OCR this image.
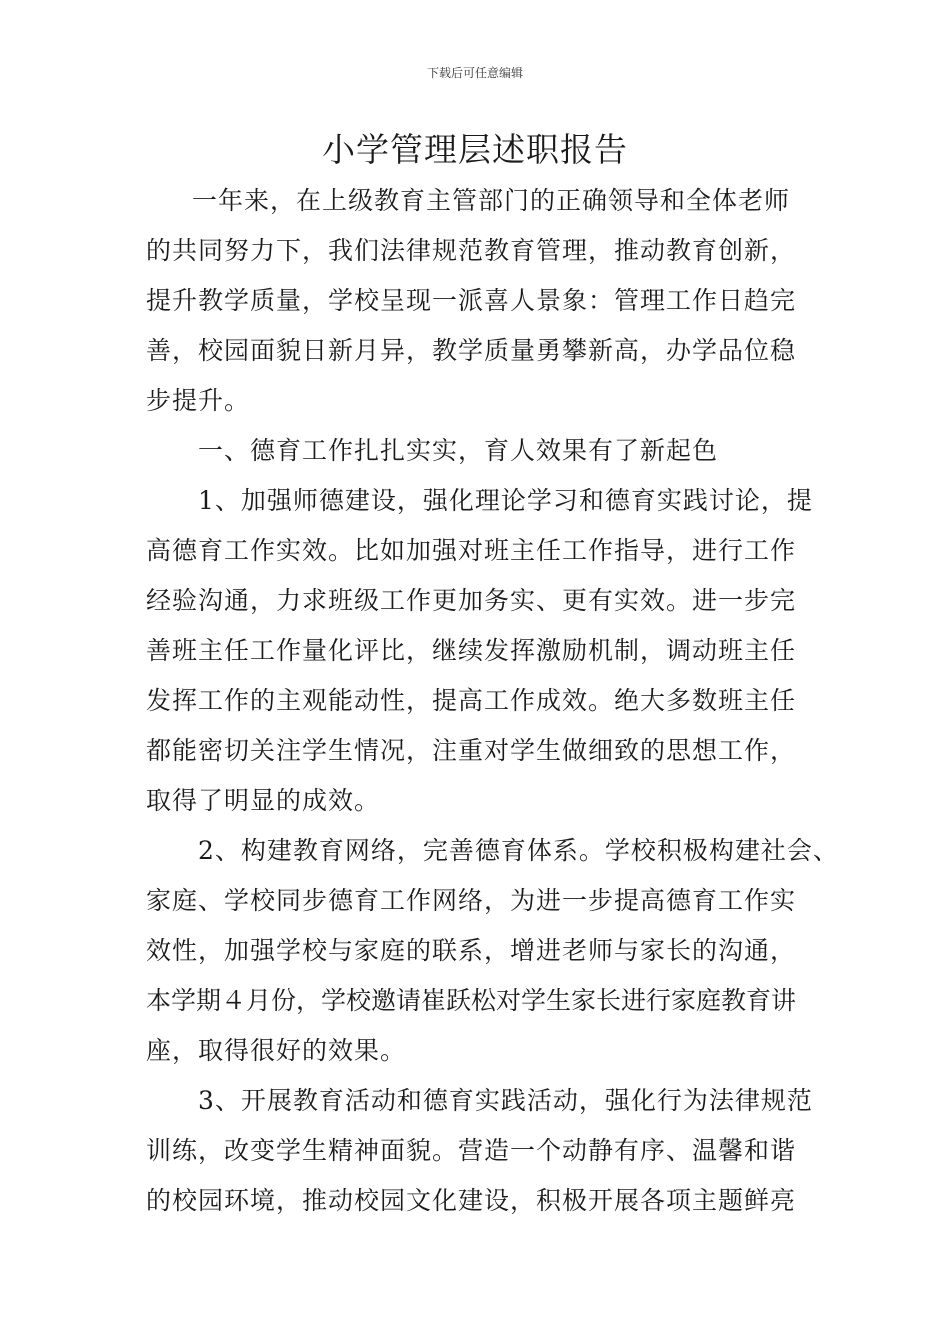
下载后可任意编辑
小学管理层述职报告
一年来，在上级教育主管部门的正确领导和全体老师
的共同努力下，我们法律规范教育管理，推动教育创新，
提升教学质量，学校呈现一派喜人景象：管理工作日趋完
善，校园面貌日新月异，教学质量勇攀新高，办学品位稳
步提升。
一、德育工作扎扎实实，育人效果有了新起色
1、加强师德建设，强化理论学习和德育实践讨论，提
高德育工作实效。比如加强对班主任工作指导，进行工作
经验沟通，力求班级工作更加务实、更有实效。进一步完
善班主任工作量化评比，继续发挥激励机制，调动班主任
发挥工作的主观能动性，提高工作成效。绝大多数班主任
都能密切关注学生情况，注重对学生做细致的思想工作，
取得了明显的成效。
2、构建教育网络，完善德育体系。学校积极构建社会、
家庭、学校同步德育工作网络，为进一步提高德育工作实
效性，加强学校与家庭的联系，增进老师与家长的沟通，
本学期４月份，学校邀请崔跃松对学生家长进行家庭教育讲
座，取得很好的效果。
3、开展教育活动和德育实践活动，强化行为法律规范
训练，改变学生精神面貌。营造一个动静有序、温馨和谐
的校园环境，推动校园文化建设，积极开展各项主题鲜亮
